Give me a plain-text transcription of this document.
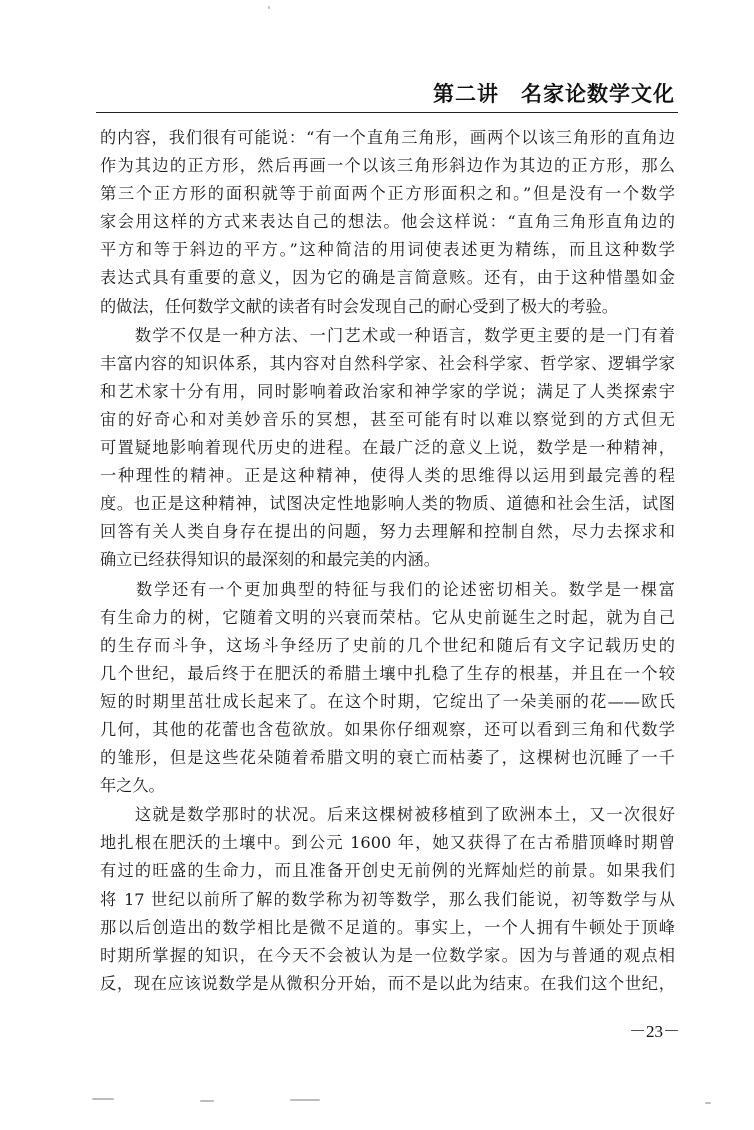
第二讲　名家论数学文化

的内容，我们很有可能说：“有一个直角三角形，画两个以该三角形的直角边
作为其边的正方形，然后再画一个以该三角形斜边作为其边的正方形，那么
第三个正方形的面积就等于前面两个正方形面积之和。”但是没有一个数学
家会用这样的方式来表达自己的想法。他会这样说：“直角三角形直角边的
平方和等于斜边的平方。”这种简洁的用词使表述更为精练，而且这种数学
表达式具有重要的意义，因为它的确是言简意赅。还有，由于这种惜墨如金
的做法，任何数学文献的读者有时会发现自己的耐心受到了极大的考验。

　　数学不仅是一种方法、一门艺术或一种语言，数学更主要的是一门有着
丰富内容的知识体系，其内容对自然科学家、社会科学家、哲学家、逻辑学家
和艺术家十分有用，同时影响着政治家和神学家的学说；满足了人类探索宇
宙的好奇心和对美妙音乐的冥想，甚至可能有时以难以察觉到的方式但无
可置疑地影响着现代历史的进程。在最广泛的意义上说，数学是一种精神，
一种理性的精神。正是这种精神，使得人类的思维得以运用到最完善的程
度。也正是这种精神，试图决定性地影响人类的物质、道德和社会生活，试图
回答有关人类自身存在提出的问题，努力去理解和控制自然，尽力去探求和
确立已经获得知识的最深刻的和最完美的内涵。

　　数学还有一个更加典型的特征与我们的论述密切相关。数学是一棵富
有生命力的树，它随着文明的兴衰而荣枯。它从史前诞生之时起，就为自己
的生存而斗争，这场斗争经历了史前的几个世纪和随后有文字记载历史的
几个世纪，最后终于在肥沃的希腊土壤中扎稳了生存的根基，并且在一个较
短的时期里茁壮成长起来了。在这个时期，它绽出了一朵美丽的花——欧氏
几何，其他的花蕾也含苞欲放。如果你仔细观察，还可以看到三角和代数学
的雏形，但是这些花朵随着希腊文明的衰亡而枯萎了，这棵树也沉睡了一千
年之久。

　　这就是数学那时的状况。后来这棵树被移植到了欧洲本土，又一次很好
地扎根在肥沃的土壤中。到公元 1600 年，她又获得了在古希腊顶峰时期曾
有过的旺盛的生命力，而且准备开创史无前例的光辉灿烂的前景。如果我们
将 17 世纪以前所了解的数学称为初等数学，那么我们能说，初等数学与从
那以后创造出的数学相比是微不足道的。事实上，一个人拥有牛顿处于顶峰
时期所掌握的知识，在今天不会被认为是一位数学家。因为与普通的观点相
反，现在应该说数学是从微积分开始，而不是以此为结束。在我们这个世纪，

－23－
